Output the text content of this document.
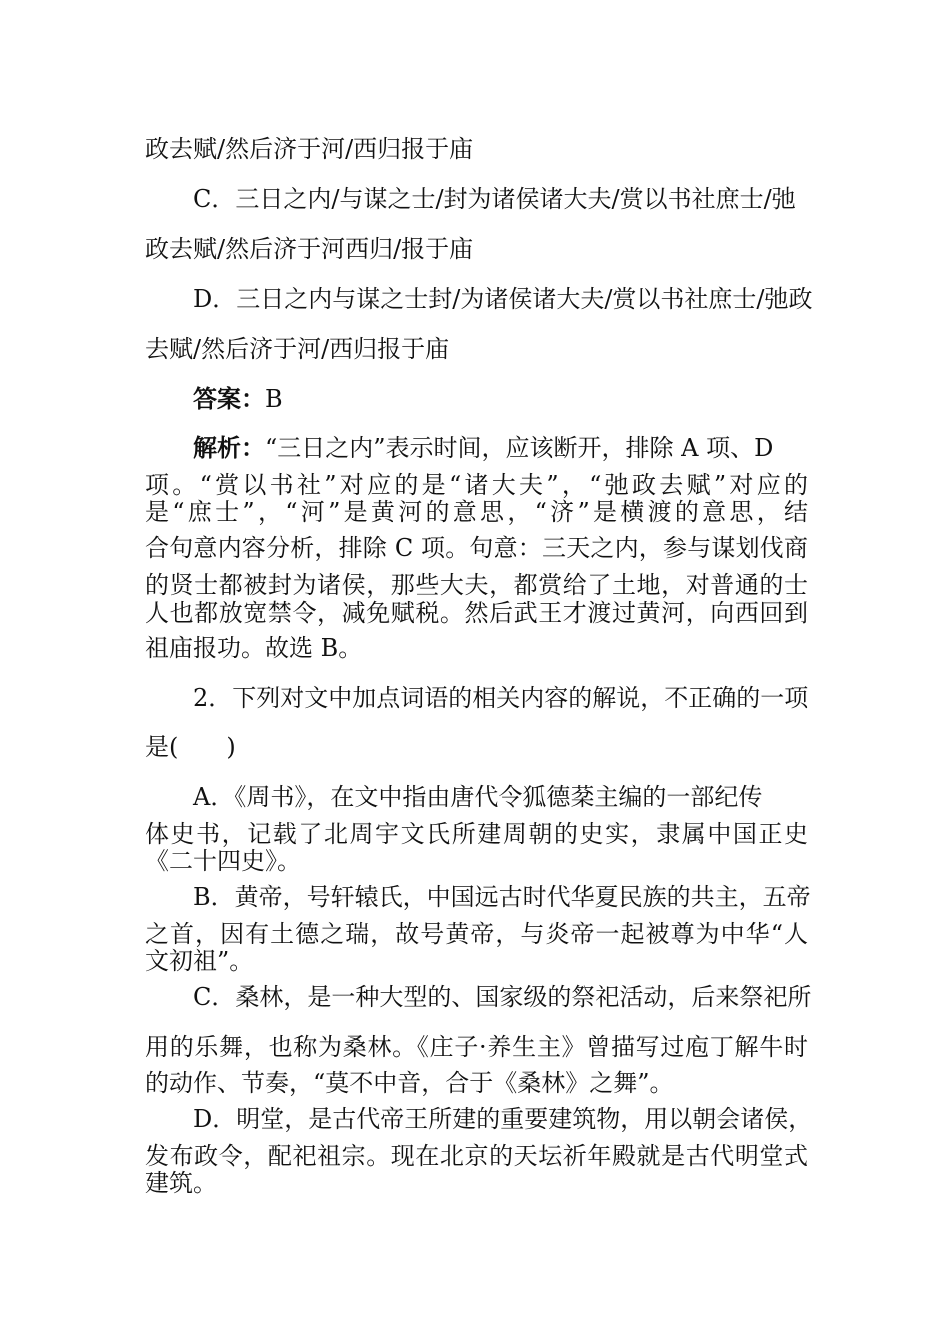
政去赋/然后济于河/西归报于庙
C．三日之内/与谋之士/封为诸侯诸大夫/赏以书社庶士/弛
政去赋/然后济于河西归/报于庙
D．三日之内与谋之士封/为诸侯诸大夫/赏以书社庶士/弛政
去赋/然后济于河/西归报于庙
答案：B
解析：“三日之内”表示时间，应该断开，排除 A 项、D
项。“赏以书社”对应的是“诸大夫”，“弛政去赋”对应的
是“庶士”，“河”是黄河的意思，“济”是横渡的意思，结
合句意内容分析，排除 C 项。句意：三天之内，参与谋划伐商
的贤士都被封为诸侯，那些大夫，都赏给了土地，对普通的士
人也都放宽禁令，减免赋税。然后武王才渡过黄河，向西回到
祖庙报功。故选 B。
2．下列对文中加点词语的相关内容的解说，不正确的一项
是(　　)
A．《周书》，在文中指由唐代令狐德棻主编的一部纪传
体史书，记载了北周宇文氏所建周朝的史实，隶属中国正史
《二十四史》。
B．黄帝，号轩辕氏，中国远古时代华夏民族的共主，五帝
之首，因有土德之瑞，故号黄帝，与炎帝一起被尊为中华“人
文初祖”。
C．桑林，是一种大型的、国家级的祭祀活动，后来祭祀所
用的乐舞，也称为桑林。《庄子·养生主》曾描写过庖丁解牛时
的动作、节奏，“莫不中音，合于《桑林》之舞”。
D．明堂，是古代帝王所建的重要建筑物，用以朝会诸侯，
发布政令，配祀祖宗。现在北京的天坛祈年殿就是古代明堂式
建筑。
